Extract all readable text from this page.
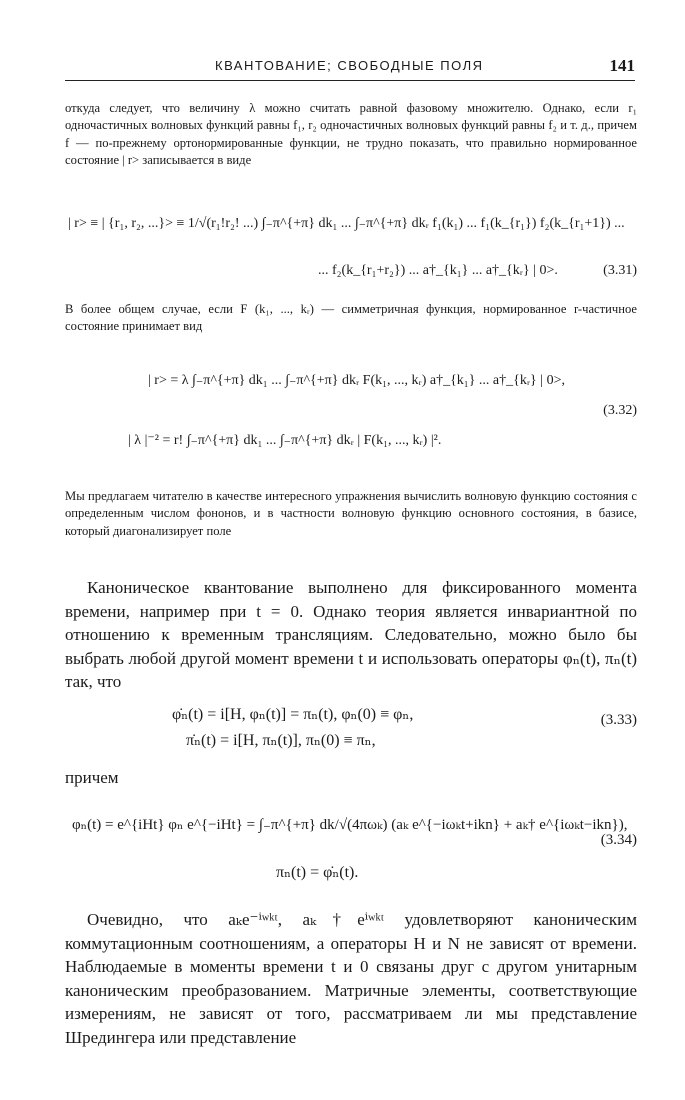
КВАНТОВАНИЕ; СВОБОДНЫЕ ПОЛЯ	141

откуда следует, что величину λ можно считать равной фазовому множителю. Однако, если r₁ одночастичных волновых функций равны f₁, r₂ одночастичных волновых функций равны f₂ и т. д., причем f — по-прежнему ортонормированные функции, не трудно показать, что правильно нормированное состояние | r> записывается в виде

| r> ≡ | {r₁, r₂, ...}> ≡ 1/√(r₁!r₂! ...) ∫₋π^{+π} dk₁ ... ∫₋π^{+π} dkᵣ f₁(k₁) ... f₁(k_{r₁}) f₂(k_{r₁+1}) ...
... f₂(k_{r₁+r₂}) ... a†_{k₁} ... a†_{kᵣ} | 0>.	(3.31)

В более общем случае, если F (k₁, ..., kᵣ) — симметричная функция, нормированное r-частичное состояние принимает вид

| r> = λ ∫₋π^{+π} dk₁ ... ∫₋π^{+π} dkᵣ F(k₁, ..., kᵣ) a†_{k₁} ... a†_{kᵣ} | 0>,
| λ |⁻² = r! ∫₋π^{+π} dk₁ ... ∫₋π^{+π} dkᵣ | F(k₁, ..., kᵣ) |².
(3.32)

Мы предлагаем читателю в качестве интересного упражнения вычислить волновую функцию состояния с определенным числом фононов, и в частности волновую функцию основного состояния, в базисе, который диагонализирует поле

Каноническое квантование выполнено для фиксированного момента времени, например при t = 0. Однако теория является инвариантной по отношению к временным трансляциям. Следовательно, можно было бы выбрать любой другой момент времени t и использовать операторы φₙ(t), πₙ(t) так, что

φ̇ₙ(t) = i[H, φₙ(t)] = πₙ(t), φₙ(0) ≡ φₙ,
π̇ₙ(t) = i[H, πₙ(t)], πₙ(0) ≡ πₙ,
(3.33)

причем

φₙ(t) = e^{iHt} φₙ e^{−iHt} = ∫₋π^{+π} dk/√(4πωₖ) (aₖ e^{−iωₖt+ikn} + aₖ† e^{iωₖt−ikn}),
πₙ(t) = φ̇ₙ(t).
(3.34)

Очевидно, что aₖe⁻ⁱʷᵏᵗ, aₖ†eⁱʷᵏᵗ удовлетворяют каноническим коммутационным соотношениям, а операторы H и N не зависят от времени. Наблюдаемые в моменты времени t и 0 связаны друг с другом унитарным каноническим преобразованием. Матричные элементы, соответствующие измерениям, не зависят от того, рассматриваем ли мы представление Шредингера или представление
